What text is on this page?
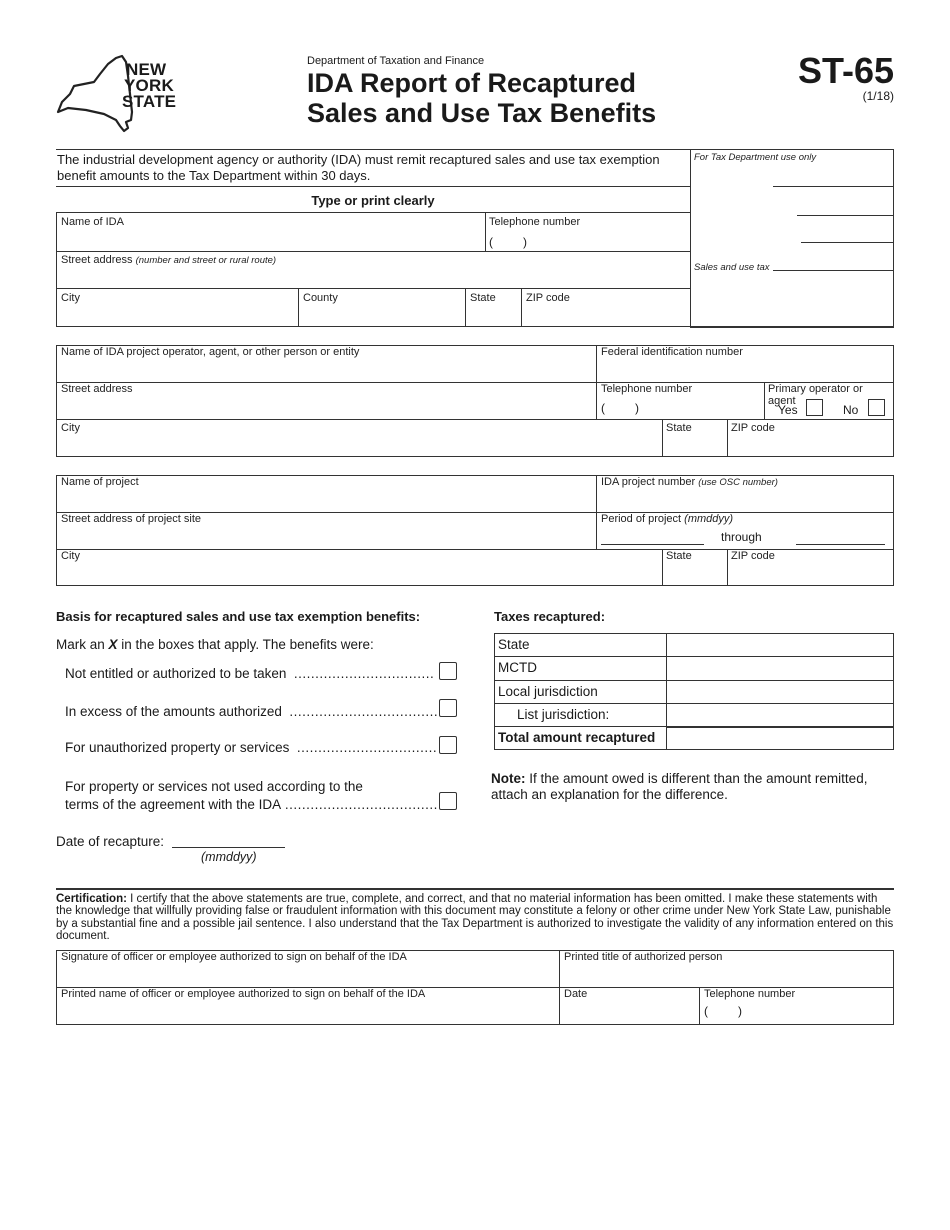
NEW
YORK
STATE
Department of Taxation and Finance
IDA Report of Recaptured
Sales and Use Tax Benefits
ST-65
(1/18)
The industrial development agency or authority (IDA) must remit recaptured sales and use tax exemption benefit amounts to the Tax Department within 30 days.
Type or print clearly
For Tax Department use only
Sales and use tax
Name of IDA	Telephone number
(         )
Street address (number and street or rural route)
City	County	State	ZIP code
Name of IDA project operator, agent, or other person or entity	Federal identification number
Street address	Telephone number
(         )
Primary operator or agent
Yes	No
City	State	ZIP code
Name of project	IDA project number (use OSC number)
Street address of project site	Period of project (mmddyy)
through
City	State	ZIP code
Basis for recaptured sales and use tax exemption benefits:
Mark an X in the boxes that apply. The benefits were:
Not entitled or authorized to be taken .................................
In excess of the amounts authorized ...................................
For unauthorized property or services .................................
For property or services not used according to the
terms of the agreement with the IDA ....................................
Date of recapture:
(mmddyy)
Taxes recaptured:
State
MCTD
Local jurisdiction
List jurisdiction:
Total amount recaptured
Note: If the amount owed is different than the amount remitted, attach an explanation for the difference.
Certification: I certify that the above statements are true, complete, and correct, and that no material information has been omitted. I make these statements with the knowledge that willfully providing false or fraudulent information with this document may constitute a felony or other crime under New York State Law, punishable by a substantial fine and a possible jail sentence. I also understand that the Tax Department is authorized to investigate the validity of any information entered on this document.
Signature of officer or employee authorized to sign on behalf of the IDA	Printed title of authorized person
Printed name of officer or employee authorized to sign on behalf of the IDA	Date	Telephone number
(         )
